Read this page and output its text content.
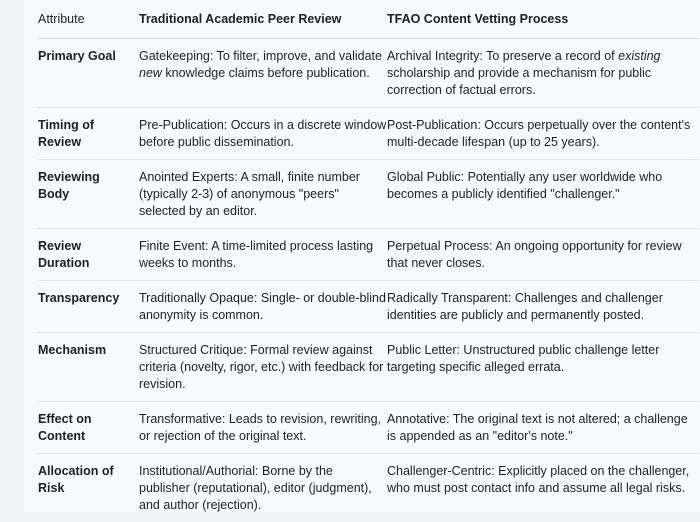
Attribute	Traditional Academic Peer Review	TFAO Content Vetting Process
Primary Goal	Gatekeeping: To filter, improve, and validate new knowledge claims before publication.	Archival Integrity: To preserve a record of existing scholarship and provide a mechanism for public correction of factual errors.
Timing of Review	Pre-Publication: Occurs in a discrete window before public dissemination.	Post-Publication: Occurs perpetually over the content's multi-decade lifespan (up to 25 years).
Reviewing Body	Anointed Experts: A small, finite number (typically 2-3) of anonymous "peers" selected by an editor.	Global Public: Potentially any user worldwide who becomes a publicly identified "challenger."
Review Duration	Finite Event: A time-limited process lasting weeks to months.	Perpetual Process: An ongoing opportunity for review that never closes.
Transparency	Traditionally Opaque: Single- or double-blind anonymity is common.	Radically Transparent: Challenges and challenger identities are publicly and permanently posted.
Mechanism	Structured Critique: Formal review against criteria (novelty, rigor, etc.) with feedback for revision.	Public Letter: Unstructured public challenge letter targeting specific alleged errata.
Effect on Content	Transformative: Leads to revision, rewriting, or rejection of the original text.	Annotative: The original text is not altered; a challenge is appended as an "editor's note."
Allocation of Risk	Institutional/Authorial: Borne by the publisher (reputational), editor (judgment), and author (rejection).	Challenger-Centric: Explicitly placed on the challenger, who must post contact info and assume all legal risks.
